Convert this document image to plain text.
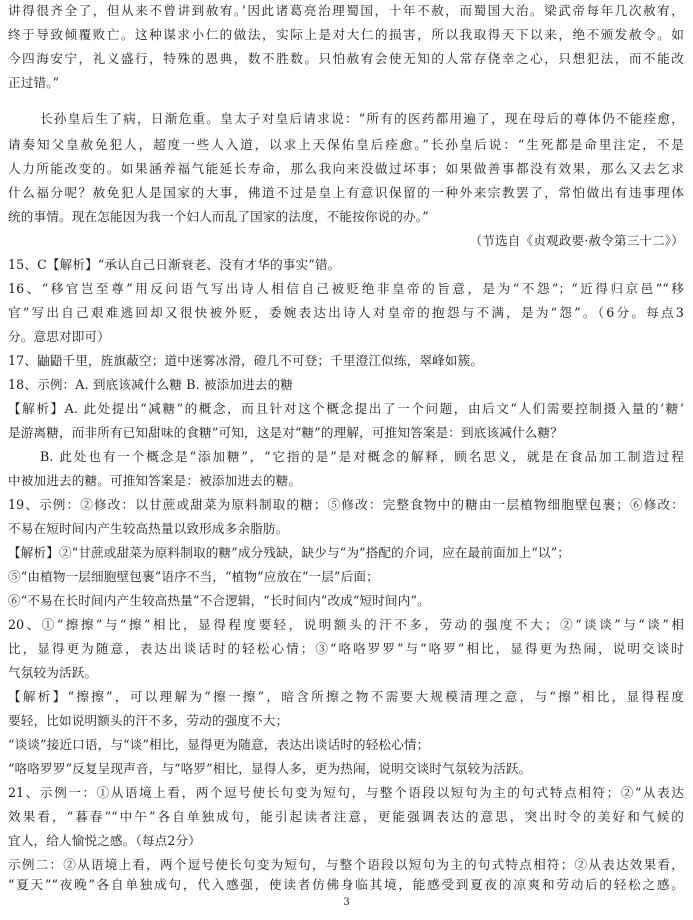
讲得很齐全了，但从来不曾讲到赦宥。’因此诸葛亮治理蜀国，十年不赦，而蜀国大治。梁武帝每年几次赦宥，
终于导致倾覆败亡。这种谋求小仁的做法，实际上是对大仁的损害，所以我取得天下以来，绝不颁发赦令。如
今四海安宁，礼义盛行，特殊的恩典，数不胜数。只怕赦宥会使无知的人常存侥幸之心，只想犯法，而不能改
正过错。”
长孙皇后生了病，日渐危重。皇太子对皇后请求说：“所有的医药都用遍了，现在母后的尊体仍不能痊愈，
请奏知父皇赦免犯人，超度一些人入道，以求上天保佑皇后痊愈。”长孙皇后说：“生死都是命里注定，不是
人力所能改变的。如果涵养福气能延长寿命，那么我向来没做过坏事；如果做善事都没有效果，那么又去乞求
什么福分呢？赦免犯人是国家的大事，佛道不过是皇上有意识保留的一种外来宗教罢了，常怕做出有违事理体
统的事情。现在怎能因为我一个妇人而乱了国家的法度，不能按你说的办。”
（节选自《贞观政要·赦令第三十二》）
15、C【解析】“承认自己日渐衰老、没有才华的事实”错。
16、“移官岂至尊”用反问语气写出诗人相信自己被贬绝非皇帝的旨意，是为“不怨”；“近得归京邑”“移
官”写出自己艰难逃回却又很快被外贬，委婉表达出诗人对皇帝的抱怨与不满，是为“怨”。（6分。每点3
分。意思对即可）
17、鼬鼯千里，旌旗蔽空；道中迷雾冰滑，磴几不可登；千里澄江似练，翠峰如簇。
18、示例：A. 到底该减什么糖 B. 被添加进去的糖
【解析】A. 此处提出“减糖”的概念，而且针对这个概念提出了一个问题，由后文“人们需要控制摄入量的‘糖’
是游离糖，而非所有已知甜味的食糖”可知，这是对“糖”的理解，可推知答案是：到底该减什么糖？
B. 此处也有一个概念是“添加糖”，“它指的是”是对概念的解释，顾名思义，就是在食品加工制造过程
中被加进去的糖。可推知答案是：被添加进去的糖。
19、示例：②修改：以甘蔗或甜菜为原料制取的糖；⑤修改：完整食物中的糖由一层植物细胞壁包裹；⑥修改：
不易在短时间内产生较高热量以致形成多余脂肪。
【解析】②“甘蔗或甜菜为原料制取的糖”成分残缺，缺少与“为”搭配的介词，应在最前面加上“以”；
⑤“由植物一层细胞壁包裹”语序不当，“植物”应放在“一层”后面；
⑥“不易在长时间内产生较高热量”不合逻辑，“长时间内”改成“短时间内”。
20、①“擦擦”与“擦”相比，显得程度要轻，说明额头的汗不多，劳动的强度不大；②“谈谈”与“谈”相
比，显得更为随意，表达出谈话时的轻松心情；③“咯咯罗罗”与“咯罗”相比，显得更为热闹，说明交谈时
气氛较为活跃。
【解析】“擦擦”，可以理解为“擦一擦”，暗含所擦之物不需要大规模清理之意，与“擦”相比，显得程度
要轻，比如说明额头的汗不多，劳动的强度不大；
“谈谈”接近口语，与“谈”相比，显得更为随意，表达出谈话时的轻松心情；
“咯咯罗罗”反复呈现声音，与“咯罗”相比，显得人多，更为热闹，说明交谈时气氛较为活跃。
21、示例一：①从语境上看，两个逗号使长句变为短句，与整个语段以短句为主的句式特点相符；②“从表达
效果看，“暮春”“中午”各自单独成句，能引起读者注意，更能强调表达的意思，突出时令的美好和气候的
宜人，给人愉悦之感。（每点2分）
示例二：②从语境上看，两个逗号使长句变为短句，与整个语段以短句为主的句式特点相符；②从表达效果看，
“夏天”“夜晚”各自单独成句，代入感强，使读者仿佛身临其境，能感受到夏夜的凉爽和劳动后的轻松之感。
3
